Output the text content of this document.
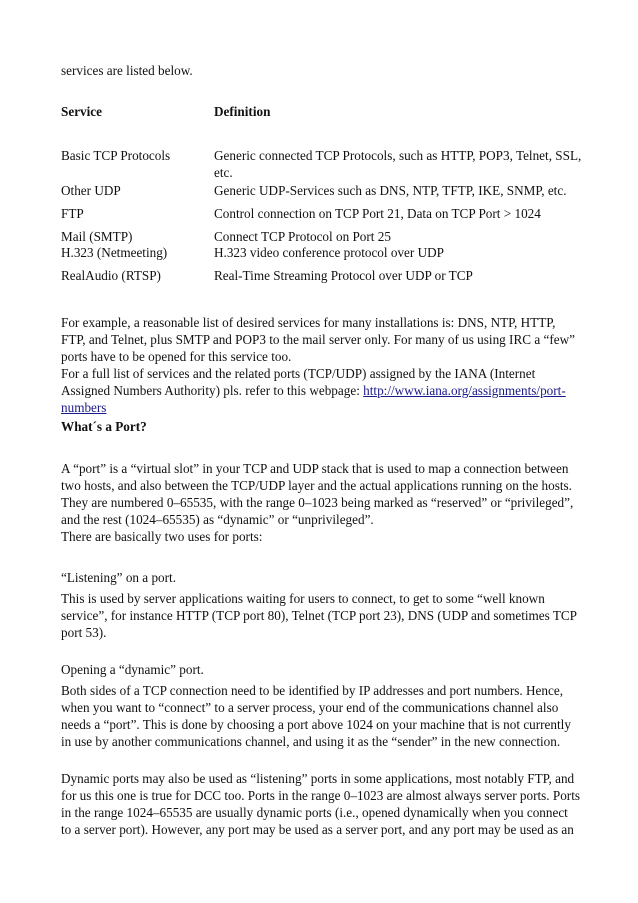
services are listed below.
Service	Definition
Basic TCP Protocols	Generic connected TCP Protocols, such as HTTP, POP3, Telnet, SSL, etc.
Other UDP	Generic UDP-Services such as DNS, NTP, TFTP, IKE, SNMP, etc.
FTP	Control connection on TCP Port 21, Data on TCP Port > 1024
Mail (SMTP)	Connect TCP Protocol on Port 25
H.323 (Netmeeting)	H.323 video conference protocol over UDP
RealAudio (RTSP)	Real-Time Streaming Protocol over UDP or TCP
For example, a reasonable list of desired services for many installations is: DNS, NTP, HTTP, FTP, and Telnet, plus SMTP and POP3 to the mail server only. For many of us using IRC a “few” ports have to be opened for this service too.
For a full list of services and the related ports (TCP/UDP) assigned by the IANA (Internet Assigned Numbers Authority) pls. refer to this webpage: http://www.iana.org/assignments/port-numbers
What´s a Port?
A “port” is a “virtual slot” in your TCP and UDP stack that is used to map a connection between two hosts, and also between the TCP/UDP layer and the actual applications running on the hosts. They are numbered 0–65535, with the range 0–1023 being marked as “reserved” or “privileged”, and the rest (1024–65535) as “dynamic” or “unprivileged”.
There are basically two uses for ports:
“Listening” on a port.
This is used by server applications waiting for users to connect, to get to some “well known service”, for instance HTTP (TCP port 80), Telnet (TCP port 23), DNS (UDP and sometimes TCP port 53).
Opening a “dynamic” port.
Both sides of a TCP connection need to be identified by IP addresses and port numbers. Hence, when you want to “connect” to a server process, your end of the communications channel also needs a “port”. This is done by choosing a port above 1024 on your machine that is not currently in use by another communications channel, and using it as the “sender” in the new connection.
Dynamic ports may also be used as “listening” ports in some applications, most notably FTP, and for us this one is true for DCC too. Ports in the range 0–1023 are almost always server ports. Ports in the range 1024–65535 are usually dynamic ports (i.e., opened dynamically when you connect to a server port). However, any port may be used as a server port, and any port may be used as an
